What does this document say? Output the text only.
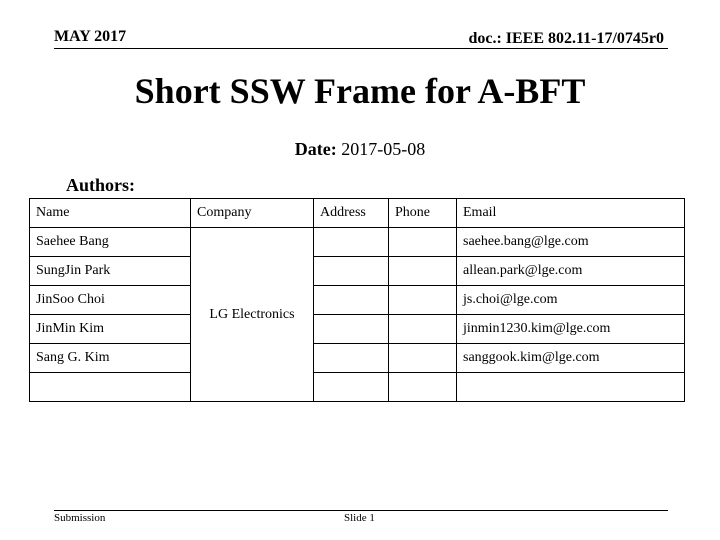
MAY 2017	doc.: IEEE 802.11-17/0745r0
Short SSW Frame for A-BFT
Date: 2017-05-08
Authors:
Name	Company	Address	Phone	Email
Saehee Bang	LG Electronics			saehee.bang@lge.com
SungJin Park				allean.park@lge.com
JinSoo Choi				js.choi@lge.com
JinMin Kim				jinmin1230.kim@lge.com
Sang G. Kim				sanggook.kim@lge.com

Submission	Slide 1
